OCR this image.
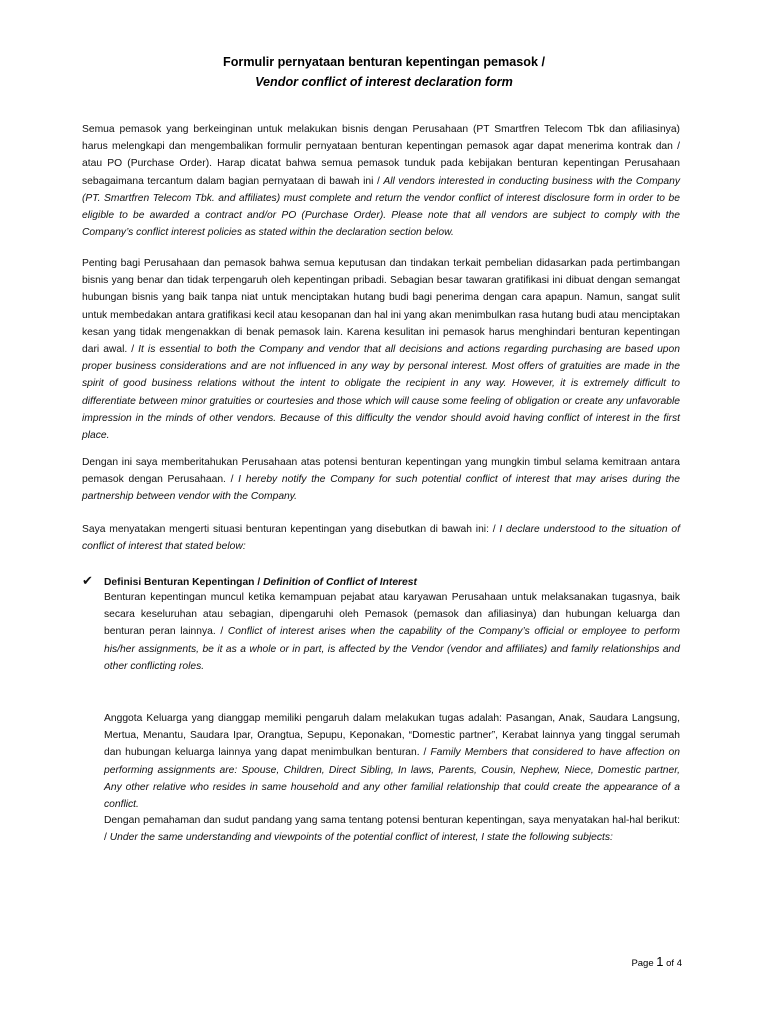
Formulir pernyataan benturan kepentingan pemasok /
Vendor conflict of interest declaration form

Semua pemasok yang berkeinginan untuk melakukan bisnis dengan Perusahaan (PT Smartfren Telecom Tbk dan afiliasinya) harus melengkapi dan mengembalikan formulir pernyataan benturan kepentingan pemasok agar dapat menerima kontrak dan / atau PO (Purchase Order). Harap dicatat bahwa semua pemasok tunduk pada kebijakan benturan kepentingan Perusahaan sebagaimana tercantum dalam bagian pernyataan di bawah ini / All vendors interested in conducting business with the Company (PT. Smartfren Telecom Tbk. and affiliates) must complete and return the vendor conflict of interest disclosure form in order to be eligible to be awarded a contract and/or PO (Purchase Order). Please note that all vendors are subject to comply with the Company’s conflict interest policies as stated within the declaration section below.

Penting bagi Perusahaan dan pemasok bahwa semua keputusan dan tindakan terkait pembelian didasarkan pada pertimbangan bisnis yang benar dan tidak terpengaruh oleh kepentingan pribadi. Sebagian besar tawaran gratifikasi ini dibuat dengan semangat hubungan bisnis yang baik tanpa niat untuk menciptakan hutang budi bagi penerima dengan cara apapun. Namun, sangat sulit untuk membedakan antara gratifikasi kecil atau kesopanan dan hal ini yang akan menimbulkan rasa hutang budi atau menciptakan kesan yang tidak mengenakkan di benak pemasok lain. Karena kesulitan ini pemasok harus menghindari benturan kepentingan dari awal. / It is essential to both the Company and vendor that all decisions and actions regarding purchasing are based upon proper business considerations and are not influenced in any way by personal interest. Most offers of gratuities are made in the spirit of good business relations without the intent to obligate the recipient in any way. However, it is extremely difficult to differentiate between minor gratuities or courtesies and those which will cause some feeling of obligation or create any unfavorable impression in the minds of other vendors. Because of this difficulty the vendor should avoid having conflict of interest in the first place.

Dengan ini saya memberitahukan Perusahaan atas potensi benturan kepentingan yang mungkin timbul selama kemitraan antara pemasok dengan Perusahaan. / I hereby notify the Company for such potential conflict of interest that may arises during the partnership between vendor with the Company.

Saya menyatakan mengerti situasi benturan kepentingan yang disebutkan di bawah ini: / I declare understood to the situation of conflict of interest that stated below:

✔ Definisi Benturan Kepentingan / Definition of Conflict of Interest

Benturan kepentingan muncul ketika kemampuan pejabat atau karyawan Perusahaan untuk melaksanakan tugasnya, baik secara keseluruhan atau sebagian, dipengaruhi oleh Pemasok (pemasok dan afiliasinya) dan hubungan keluarga dan benturan peran lainnya. / Conflict of interest arises when the capability of the Company’s official or employee to perform his/her assignments, be it as a whole or in part, is affected by the Vendor (vendor and affiliates) and family relationships and other conflicting roles.

Anggota Keluarga yang dianggap memiliki pengaruh dalam melakukan tugas adalah: Pasangan, Anak, Saudara Langsung, Mertua, Menantu, Saudara Ipar, Orangtua, Sepupu, Keponakan, “Domestic partner”, Kerabat lainnya yang tinggal serumah dan hubungan keluarga lainnya yang dapat menimbulkan benturan. / Family Members that considered to have affection on performing assignments are: Spouse, Children, Direct Sibling, In laws, Parents, Cousin, Nephew, Niece, Domestic partner, Any other relative who resides in same household and any other familial relationship that could create the appearance of a conflict.

Dengan pemahaman dan sudut pandang yang sama tentang potensi benturan kepentingan, saya menyatakan hal-hal berikut: / Under the same understanding and viewpoints of the potential conflict of interest, I state the following subjects:

Page 1 of 4
